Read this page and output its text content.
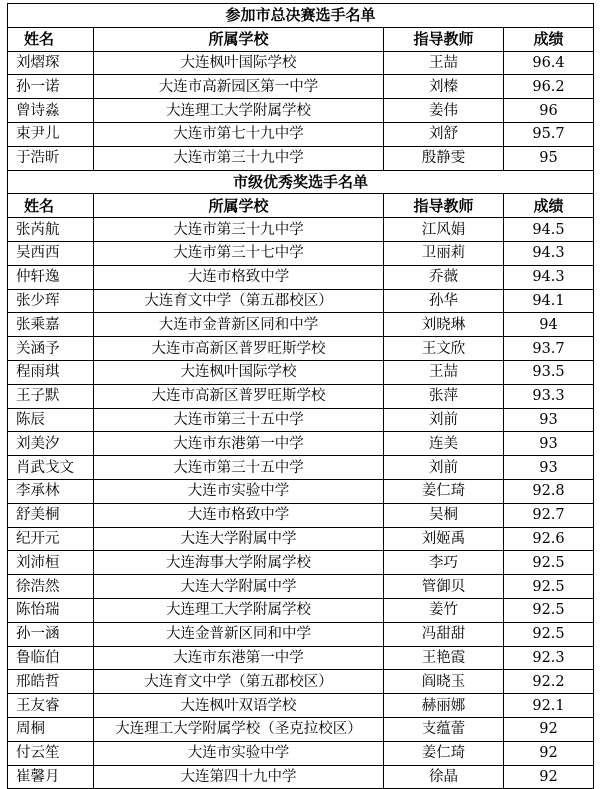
参加市总决赛选手名单			
姓名	所属学校	指导教师	成绩
刘熠琛	大连枫叶国际学校	王喆	96.4
孙一诺	大连市高新园区第一中学	刘榛	96.2
曾诗淼	大连理工大学附属学校	姜伟	96
束尹儿	大连市第七十九中学	刘舒	95.7
于浩昕	大连市第三十九中学	殷静雯	95
市级优秀奖选手名单			
姓名	所属学校	指导教师	成绩
张芮航	大连市第三十九中学	江风娟	94.5
吴西西	大连市第三十七中学	卫丽莉	94.3
仲轩逸	大连市格致中学	乔薇	94.3
张少珲	大连育文中学（第五郡校区）	孙华	94.1
张乘嘉	大连市金普新区同和中学	刘晓琳	94
关涵予	大连市高新区普罗旺斯学校	王文欣	93.7
程雨琪	大连枫叶国际学校	王喆	93.5
王子默	大连市高新区普罗旺斯学校	张萍	93.3
陈辰	大连市第三十五中学	刘前	93
刘美汐	大连市东港第一中学	连美	93
肖武戈文	大连市第三十五中学	刘前	93
李承林	大连市实验中学	姜仁琦	92.8
舒美桐	大连市格致中学	吴桐	92.7
纪开元	大连大学附属中学	刘姬禹	92.6
刘沛桓	大连海事大学附属学校	李巧	92.5
徐浩然	大连大学附属中学	管御贝	92.5
陈怡瑞	大连理工大学附属学校	姜竹	92.5
孙一涵	大连金普新区同和中学	冯甜甜	92.5
鲁临伯	大连市东港第一中学	王艳霞	92.3
邢皓哲	大连育文中学（第五郡校区）	阎晓玉	92.2
王友睿	大连枫叶双语学校	赫丽娜	92.1
周桐	大连理工大学附属学校（圣克拉校区）	支蕴蕾	92
付云笙	大连市实验中学	姜仁琦	92
崔馨月	大连第四十九中学	徐晶	92
